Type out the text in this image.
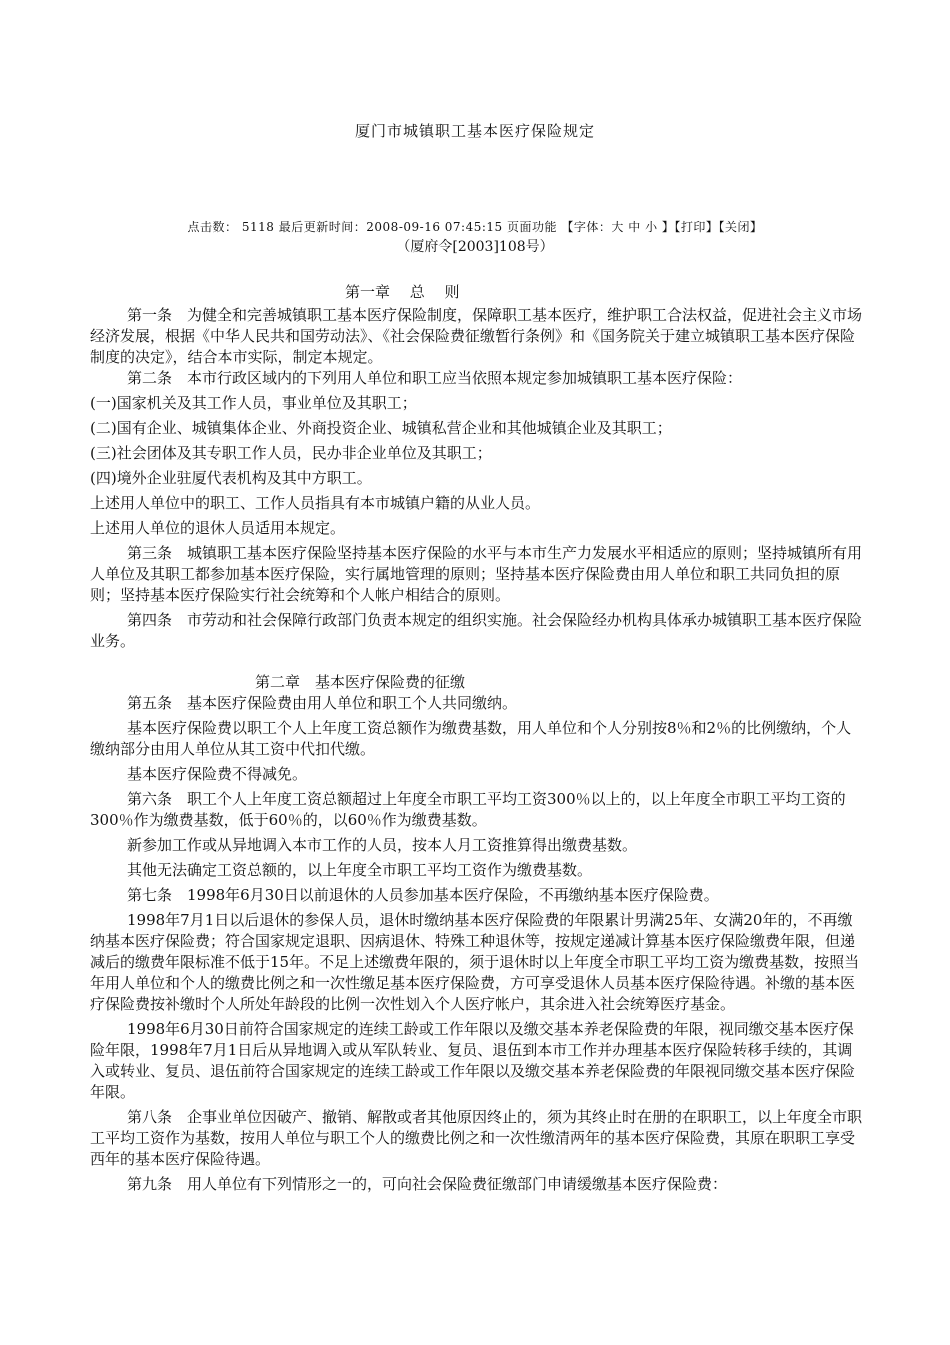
厦门市城镇职工基本医疗保险规定
点击数： 5118 最后更新时间：2008-09-16 07:45:15 页面功能 【字体：大 中 小 】【打印】【关闭】
（厦府令[2003]108号）

第一章　 总　 则

第一条　为健全和完善城镇职工基本医疗保险制度，保障职工基本医疗，维护职工合法权益，促进社会主义市场经济发展，根据《中华人民共和国劳动法》、《社会保险费征缴暂行条例》和《国务院关于建立城镇职工基本医疗保险制度的决定》，结合本市实际，制定本规定。

第二条　本市行政区域内的下列用人单位和职工应当依照本规定参加城镇职工基本医疗保险：

(一)国家机关及其工作人员，事业单位及其职工；

(二)国有企业、城镇集体企业、外商投资企业、城镇私营企业和其他城镇企业及其职工；

(三)社会团体及其专职工作人员，民办非企业单位及其职工；

(四)境外企业驻厦代表机构及其中方职工。

上述用人单位中的职工、工作人员指具有本市城镇户籍的从业人员。

上述用人单位的退休人员适用本规定。

第三条　城镇职工基本医疗保险坚持基本医疗保险的水平与本市生产力发展水平相适应的原则；坚持城镇所有用人单位及其职工都参加基本医疗保险，实行属地管理的原则；坚持基本医疗保险费由用人单位和职工共同负担的原则；坚持基本医疗保险实行社会统筹和个人帐户相结合的原则。

第四条　市劳动和社会保障行政部门负责本规定的组织实施。社会保险经办机构具体承办城镇职工基本医疗保险业务。

第二章　基本医疗保险费的征缴

第五条　基本医疗保险费由用人单位和职工个人共同缴纳。

基本医疗保险费以职工个人上年度工资总额作为缴费基数，用人单位和个人分别按8％和2％的比例缴纳，个人缴纳部分由用人单位从其工资中代扣代缴。

基本医疗保险费不得减免。

第六条　职工个人上年度工资总额超过上年度全市职工平均工资300％以上的，以上年度全市职工平均工资的300％作为缴费基数，低于60％的，以60％作为缴费基数。

新参加工作或从异地调入本市工作的人员，按本人月工资推算得出缴费基数。

其他无法确定工资总额的，以上年度全市职工平均工资作为缴费基数。

第七条　1998年6月30日以前退休的人员参加基本医疗保险，不再缴纳基本医疗保险费。

1998年7月1日以后退休的参保人员，退休时缴纳基本医疗保险费的年限累计男满25年、女满20年的，不再缴纳基本医疗保险费；符合国家规定退职、因病退休、特殊工种退休等，按规定递减计算基本医疗保险缴费年限，但递减后的缴费年限标准不低于15年。不足上述缴费年限的，须于退休时以上年度全市职工平均工资为缴费基数，按照当年用人单位和个人的缴费比例之和一次性缴足基本医疗保险费，方可享受退休人员基本医疗保险待遇。补缴的基本医疗保险费按补缴时个人所处年龄段的比例一次性划入个人医疗帐户，其余进入社会统筹医疗基金。

1998年6月30日前符合国家规定的连续工龄或工作年限以及缴交基本养老保险费的年限，视同缴交基本医疗保险年限，1998年7月1日后从异地调入或从军队转业、复员、退伍到本市工作并办理基本医疗保险转移手续的，其调入或转业、复员、退伍前符合国家规定的连续工龄或工作年限以及缴交基本养老保险费的年限视同缴交基本医疗保险年限。

第八条　企事业单位因破产、撤销、解散或者其他原因终止的，须为其终止时在册的在职职工，以上年度全市职工平均工资作为基数，按用人单位与职工个人的缴费比例之和一次性缴清两年的基本医疗保险费，其原在职职工享受西年的基本医疗保险待遇。

第九条　用人单位有下列情形之一的，可向社会保险费征缴部门申请缓缴基本医疗保险费：
